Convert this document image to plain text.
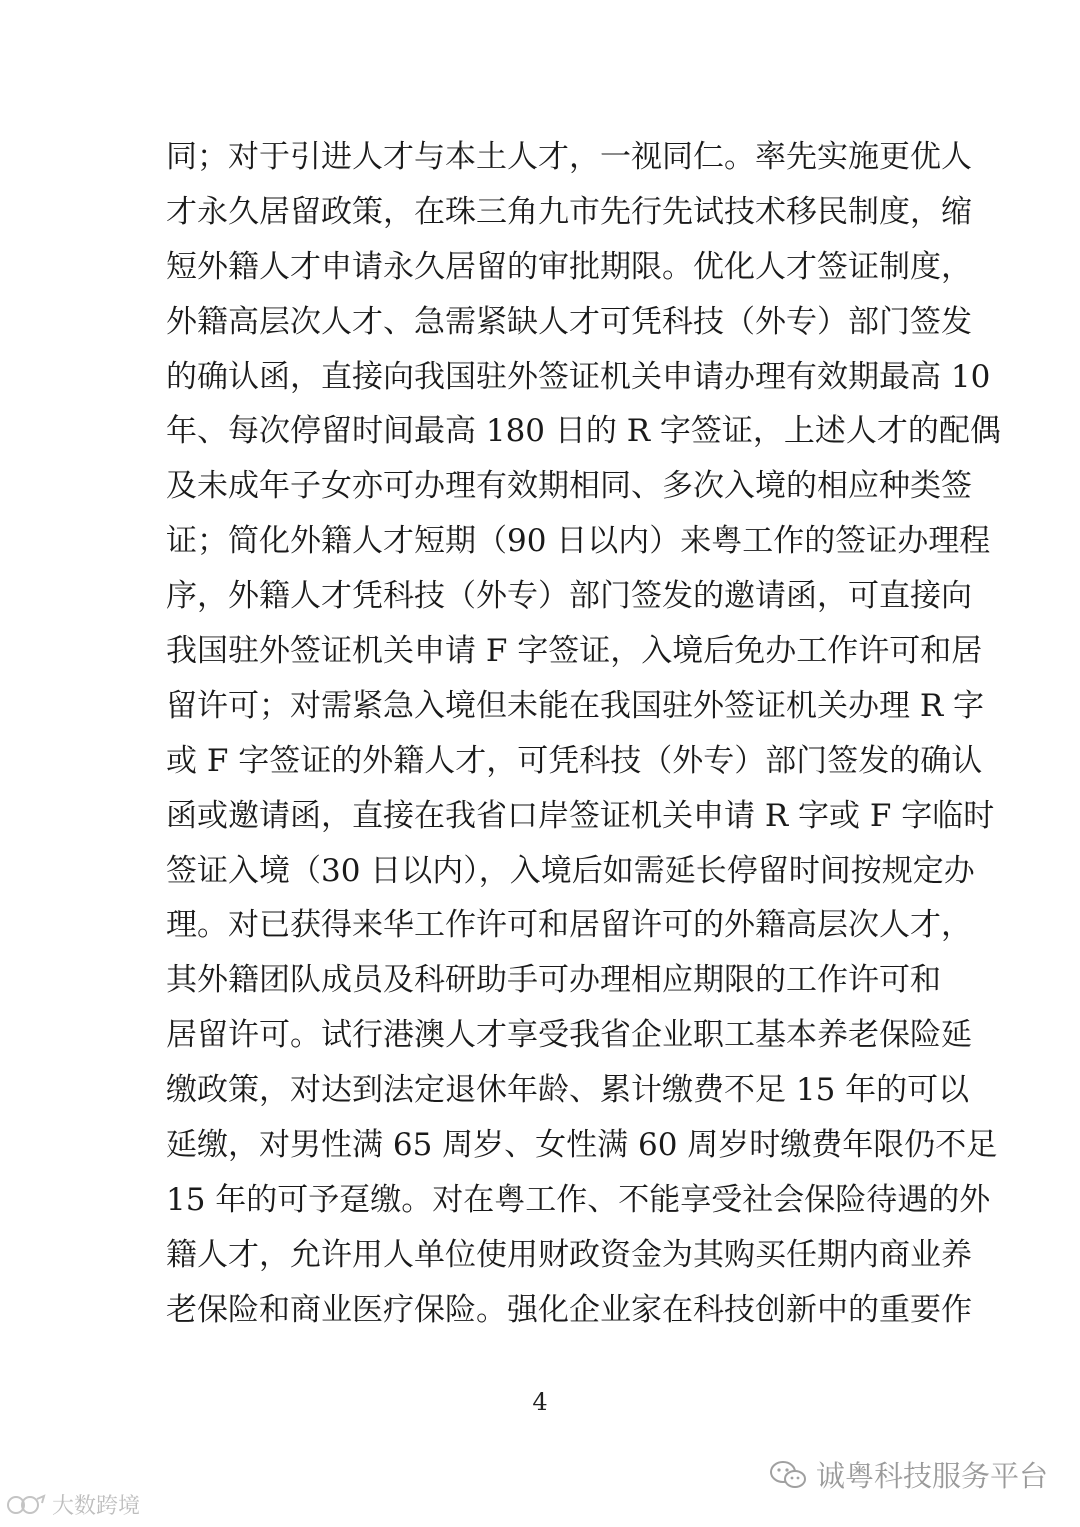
同；对于引进人才与本土人才，一视同仁。率先实施更优人
才永久居留政策，在珠三角九市先行先试技术移民制度，缩
短外籍人才申请永久居留的审批期限。优化人才签证制度，
外籍高层次人才、急需紧缺人才可凭科技（外专）部门签发
的确认函，直接向我国驻外签证机关申请办理有效期最高 10
年、每次停留时间最高 180 日的 R 字签证，上述人才的配偶
及未成年子女亦可办理有效期相同、多次入境的相应种类签
证；简化外籍人才短期（90 日以内）来粤工作的签证办理程
序，外籍人才凭科技（外专）部门签发的邀请函，可直接向
我国驻外签证机关申请 F 字签证，入境后免办工作许可和居
留许可；对需紧急入境但未能在我国驻外签证机关办理 R 字
或 F 字签证的外籍人才，可凭科技（外专）部门签发的确认
函或邀请函，直接在我省口岸签证机关申请 R 字或 F 字临时
签证入境（30 日以内），入境后如需延长停留时间按规定办
理。对已获得来华工作许可和居留许可的外籍高层次人才，
其外籍团队成员及科研助手可办理相应期限的工作许可和
居留许可。试行港澳人才享受我省企业职工基本养老保险延
缴政策，对达到法定退休年龄、累计缴费不足 15 年的可以
延缴，对男性满 65 周岁、女性满 60 周岁时缴费年限仍不足
15 年的可予趸缴。对在粤工作、不能享受社会保险待遇的外
籍人才，允许用人单位使用财政资金为其购买任期内商业养
老保险和商业医疗保险。强化企业家在科技创新中的重要作
4
诚粤科技服务平台
大数跨境
